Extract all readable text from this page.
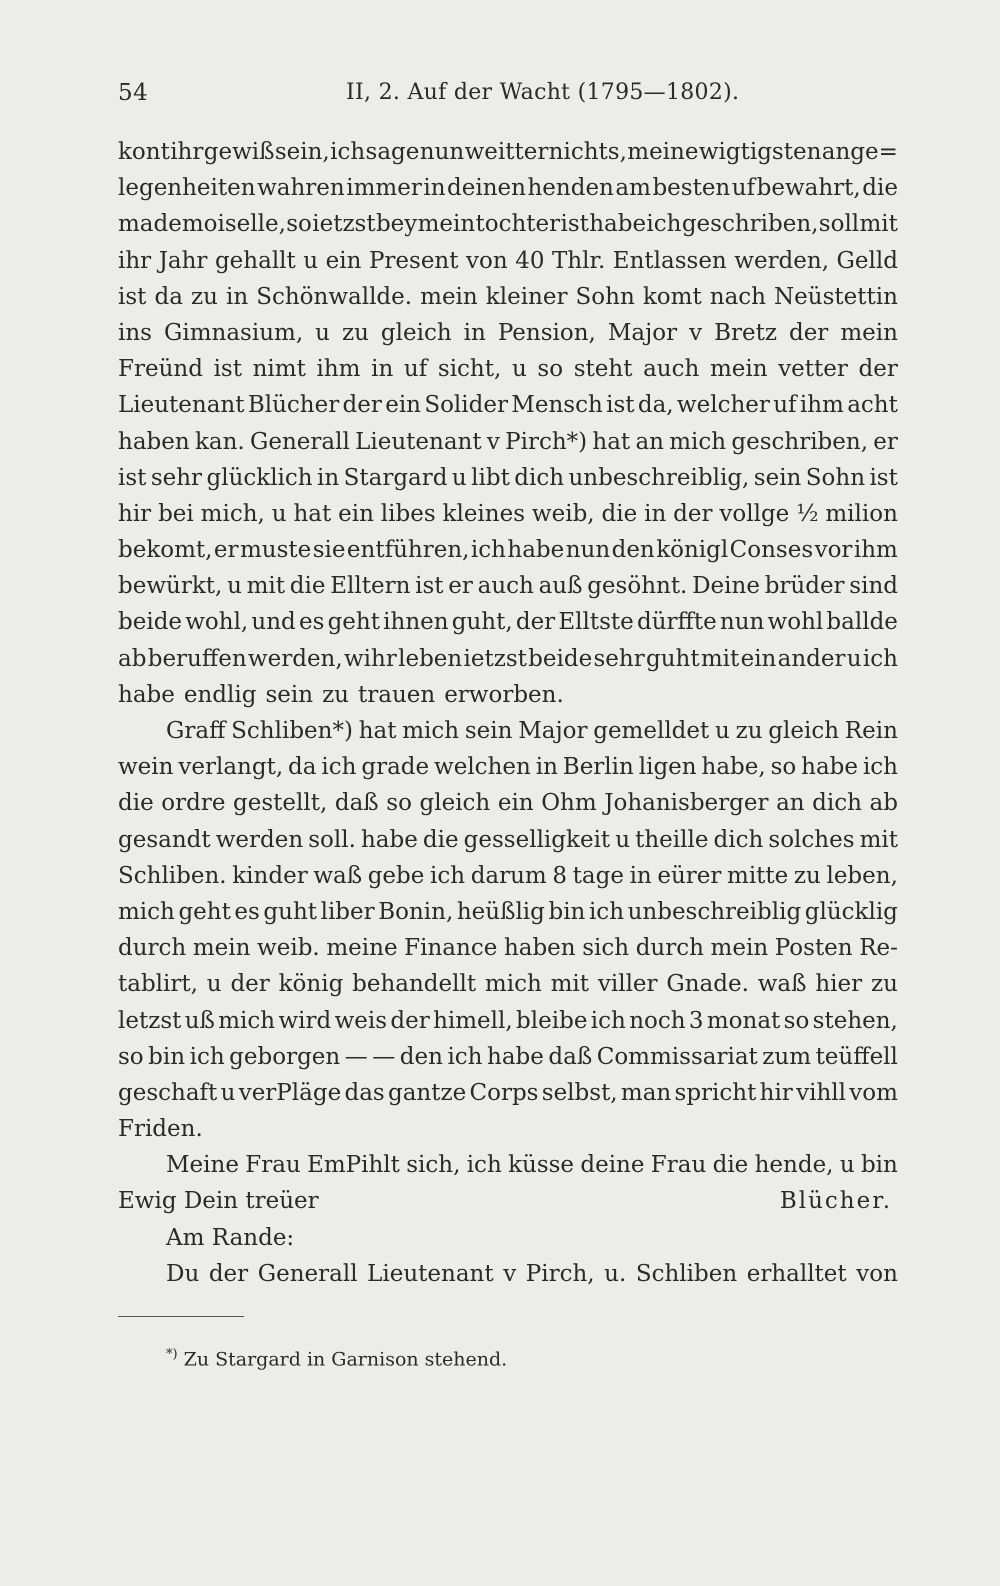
54	II, 2. Auf der Wacht (1795—1802).
kont ihr gewiß sein, ich sage nun weitter nichts, meine wigtigsten ange=
legenheiten wahren immer in deinen henden am besten uf bewahrt, die
mademoiselle, so ietzst bey mein tochter ist habe ich geschriben, soll mit
ihr Jahr gehallt u ein Present von 40 Thlr. Entlassen werden, Gelld
ist da zu in Schönwallde. mein kleiner Sohn komt nach Neüstettin
ins Gimnasium, u zu gleich in Pension, Major v Bretz der mein
Freünd ist nimt ihm in uf sicht, u so steht auch mein vetter der
Lieutenant Blücher der ein Solider Mensch ist da, welcher uf ihm acht
haben kan. Generall Lieutenant v Pirch*) hat an mich geschriben, er
ist sehr glücklich in Stargard u libt dich unbeschreiblig, sein Sohn ist
hir bei mich, u hat ein libes kleines weib, die in der vollge ½ milion
bekomt, er muste sie entführen, ich habe nun den königl Conses vor ihm
bewürkt, u mit die Elltern ist er auch auß gesöhnt. Deine brüder sind
beide wohl, und es geht ihnen guht, der Elltste dürffte nun wohl ballde
ab beruffen werden, wihr leben ietzst beide sehr guht mit ein ander u ich
habe endlig sein zu trauen erworben.
Graff Schliben*) hat mich sein Major gemelldet u zu gleich Rein
wein verlangt, da ich grade welchen in Berlin ligen habe, so habe ich
die ordre gestellt, daß so gleich ein Ohm Johanisberger an dich ab
gesandt werden soll. habe die gesselligkeit u theille dich solches mit
Schliben. kinder waß gebe ich darum 8 tage in eürer mitte zu leben,
mich geht es guht liber Bonin, heüßlig bin ich unbeschreiblig glücklig
durch mein weib. meine Finance haben sich durch mein Posten Re-
tablirt, u der könig behandellt mich mit viller Gnade. waß hier zu
letzst uß mich wird weis der himell, bleibe ich noch 3 monat so stehen,
so bin ich geborgen — — den ich habe daß Commissariat zum teüffell
geschaft u verPläge das gantze Corps selbst, man spricht hir vihll vom
Friden.
Meine Frau EmPihlt sich, ich küsse deine Frau die hende, u bin
Ewig Dein treüer	Blücher.
Am Rande:
Du der Generall Lieutenant v Pirch, u. Schliben erhalltet von
*) Zu Stargard in Garnison stehend.
